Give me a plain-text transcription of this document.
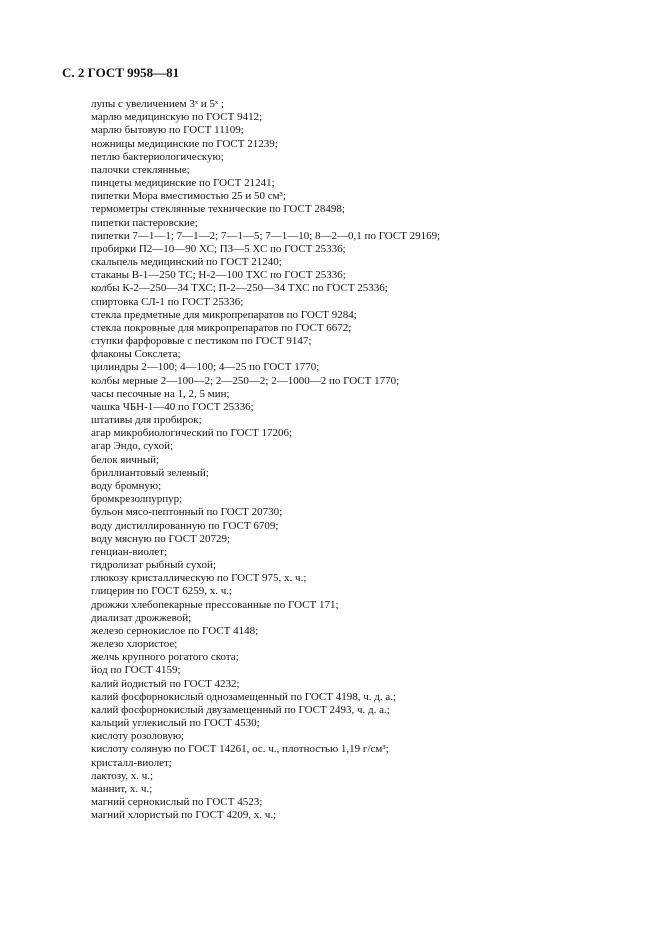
С. 2 ГОСТ 9958—81
лупы с увеличением 3ˣ и 5ˣ ;
марлю медицинскую по ГОСТ 9412;
марлю бытовую по ГОСТ 11109;
ножницы медицинские по ГОСТ 21239;
петлю бактериологическую;
палочки стеклянные;
пинцеты медицинские по ГОСТ 21241;
пипетки Мора вместимостью 25 и 50 см³;
термометры стеклянные технические по ГОСТ 28498;
пипетки пастеровские;
пипетки 7—1—1; 7—1—2; 7—1—5; 7—1—10; 8—2—0,1 по ГОСТ 29169;
пробирки П2—10—90 ХС; ПЗ—5 ХС по ГОСТ 25336;
скальпель медицинский по ГОСТ 21240;
стаканы В-1—250 ТС; Н-2—100 ТХС по ГОСТ 25336;
колбы К-2—250—34 ТХС; П-2—250—34 ТХС по ГОСТ 25336;
спиртовка СЛ-1 по ГОСТ 25336;
стекла предметные для микропрепаратов по ГОСТ 9284;
стекла покровные для микропрепаратов по ГОСТ 6672;
ступки фарфоровые с пестиком по ГОСТ 9147;
флаконы Сокслета;
цилиндры 2—100; 4—100; 4—25 по ГОСТ 1770;
колбы мерные 2—100—2; 2—250—2; 2—1000—2 по ГОСТ 1770;
часы песочные на 1, 2, 5 мин;
чашка ЧБН-1—40 по ГОСТ 25336;
штативы для пробирок;
агар микробиологический по ГОСТ 17206;
агар Эндо, сухой;
белок яичный;
бриллиантовый зеленый;
воду бромную;
бромкрезолпурпур;
бульон мясо-пептонный по ГОСТ 20730;
воду дистиллированную по ГОСТ 6709;
воду мясную по ГОСТ 20729;
генциан-виолет;
гидролизат рыбный сухой;
глюкозу кристаллическую по ГОСТ 975, х. ч.;
глицерин по ГОСТ 6259, х. ч.;
дрожжи хлебопекарные прессованные по ГОСТ 171;
диализат дрожжевой;
железо сернокислое по ГОСТ 4148;
железо хлористое;
желчь крупного рогатого скота;
йод по ГОСТ 4159;
калий йодистый по ГОСТ 4232;
калий фосфорнокислый однозамещенный по ГОСТ 4198, ч. д. а.;
калий фосфорнокислый двузамещенный по ГОСТ 2493, ч. д. а.;
кальций углекислый по ГОСТ 4530;
кислоту розоловую;
кислоту соляную по ГОСТ 14261, ос. ч., плотностью 1,19 г/см³;
кристалл-виолет;
лактозу, х. ч.;
маннит, х. ч.;
магний сернокислый по ГОСТ 4523;
магний хлористый по ГОСТ 4209, х. ч.;
